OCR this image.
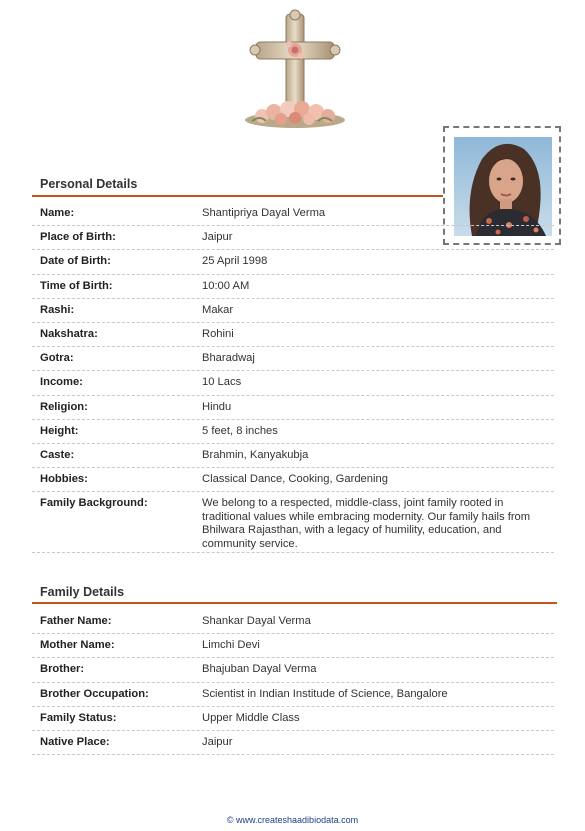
Personal Details
Name:	Shantipriya Dayal Verma
Place of Birth:	Jaipur
Date of Birth:	25 April 1998
Time of Birth:	10:00 AM
Rashi:	Makar
Nakshatra:	Rohini
Gotra:	Bharadwaj
Income:	10 Lacs
Religion:	Hindu
Height:	5 feet, 8 inches
Caste:	Brahmin, Kanyakubja
Hobbies:	Classical Dance, Cooking, Gardening
Family Background:	We belong to a respected, middle-class, joint family rooted in traditional values while embracing modernity. Our family hails from Bhilwara Rajasthan, with a legacy of humility, education, and community service.
Family Details
Father Name:	Shankar Dayal Verma
Mother Name:	Limchi Devi
Brother:	Bhajuban Dayal Verma
Brother Occupation:	Scientist in Indian Institude of Science, Bangalore
Family Status:	Upper Middle Class
Native Place:	Jaipur
© www.createshaadibiodata.com
